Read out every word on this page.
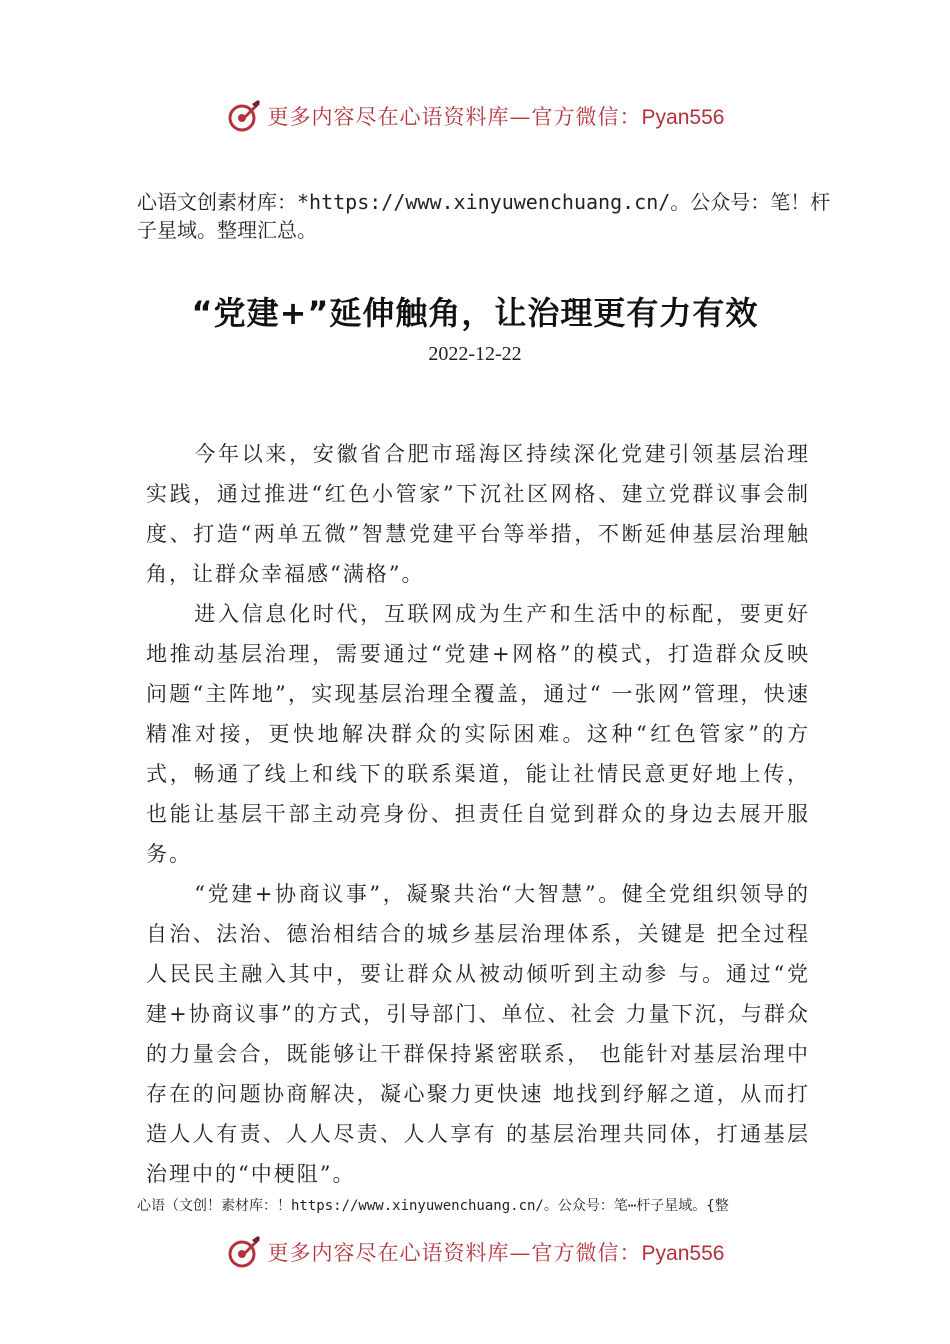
更多内容尽在心语资料库—官方微信：Pyan556
心语文创素材库：*https://www.xinyuwenchuang.cn/。公众号：笔！杆子星域。整理汇总。
“党建+”延伸触角，让治理更有力有效
2022-12-22

今年以来，安徽省合肥市瑶海区持续深化党建引领基层治理实践，通过推进“红色小管家”下沉社区网格、建立党群议事会制度、打造“两单五微”智慧党建平台等举措，不断延伸基层治理触角，让群众幸福感“满格”。

进入信息化时代，互联网成为生产和生活中的标配，要更好地推动基层治理，需要通过“党建+网格”的模式，打造群众反映问题“主阵地”，实现基层治理全覆盖，通过“ 一张网”管理，快速精准对接，更快地解决群众的实际困难。这种“红色管家”的方式，畅通了线上和线下的联系渠道，能让社情民意更好地上传，也能让基层干部主动亮身份、担责任自觉到群众的身边去展开服务。

“党建+协商议事”，凝聚共治“大智慧”。健全党组织领导的自治、法治、德治相结合的城乡基层治理体系，关键是 把全过程人民民主融入其中，要让群众从被动倾听到主动参 与。通过“党建+协商议事”的方式，引导部门、单位、社会 力量下沉，与群众的力量会合，既能够让干群保持紧密联系， 也能针对基层治理中存在的问题协商解决，凝心聚力更快速 地找到纾解之道，从而打造人人有责、人人尽责、人人享有 的基层治理共同体，打通基层治理中的“中梗阻”。

心语（文创！素材库：！https://www.xinyuwenchuang.cn/。公众号：笔⋯杆子星域。{整
更多内容尽在心语资料库—官方微信：Pyan556
